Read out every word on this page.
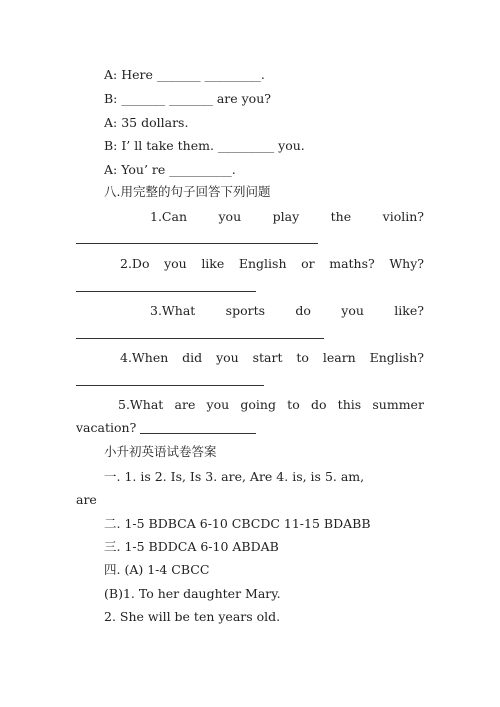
A: Here _______ _________.
B: _______ _______ are you?
A: 35 dollars.
B: I’ ll take them. _________ you.
A: You’ re __________.
八.用完整的句子回答下列问题
1.Can	you	play	the	violin?
2.Do you like English or maths? Why?
3.What sports do you like?
4.When did you start to learn English?
5.What are you going to do this summer
vacation?
小升初英语试卷答案
一. 1. is 2. Is, Is 3. are, Are 4. is, is 5. am,
are
二. 1-5 BDBCA 6-10 CBCDC 11-15 BDABB
三. 1-5 BDDCA 6-10 ABDAB
四. (A) 1-4 CBCC
(B)1. To her daughter Mary.
2. She will be ten years old.
